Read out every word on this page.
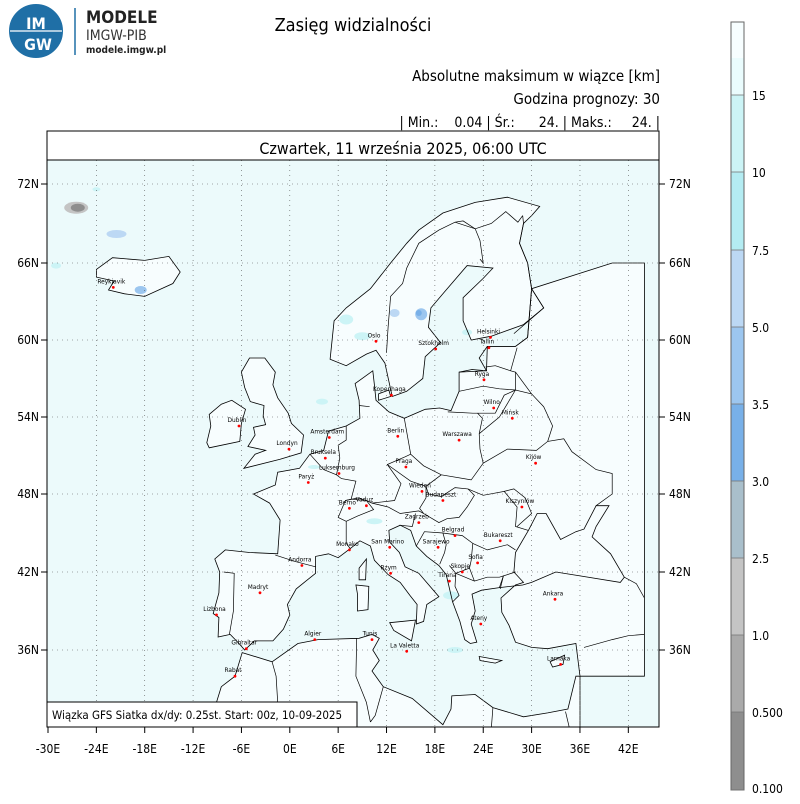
IM
GW
MODELE
IMGW-PIB
modele.imgw.pl
Zasięg widzialności
Absolutne maksimum w wiązce [km]
Godzina prognozy: 30
| Min.:    0.04 | Śr.:      24. | Maks.:     24. |
Czwartek, 11 września 2025, 06:00 UTC
Reykjavik
Oslo
Sztokholm
Helsinki
Tallin
Ryga
Kopenhaga
Wilno
Mińsk
Dublin
Amsterdam	Berlin	Warszawa
Londyn
Bruksela
Kijów
Luksemburg
Praga
Paryż
Wiedeń
Budapeszt
Berno Vaduz	Kiszyniów
Zagrzeb
Belgrad
Bukareszt
Monako San Marino	Sarajewo
Sofia
Skopje
Andorra
Rzym
Tirana
Madryt
Ankara
Ateny
Lizbona
Gibraltar
Algier	Tunis
La Valetta
Larnaka
Rabat
Wiązka GFS Siatka dx/dy: 0.25st. Start: 00z, 10-09-2025
-30E -24E -18E -12E -6E	0E	6E	12E 18E 24E 30E 36E 42E
72N	72N
66N	66N
60N	60N
54N	54N
48N	48N
42N	42N
36N	36N
15
10
7.5
5.0
3.5
3.0
2.5
1.0
0.500
0.100
